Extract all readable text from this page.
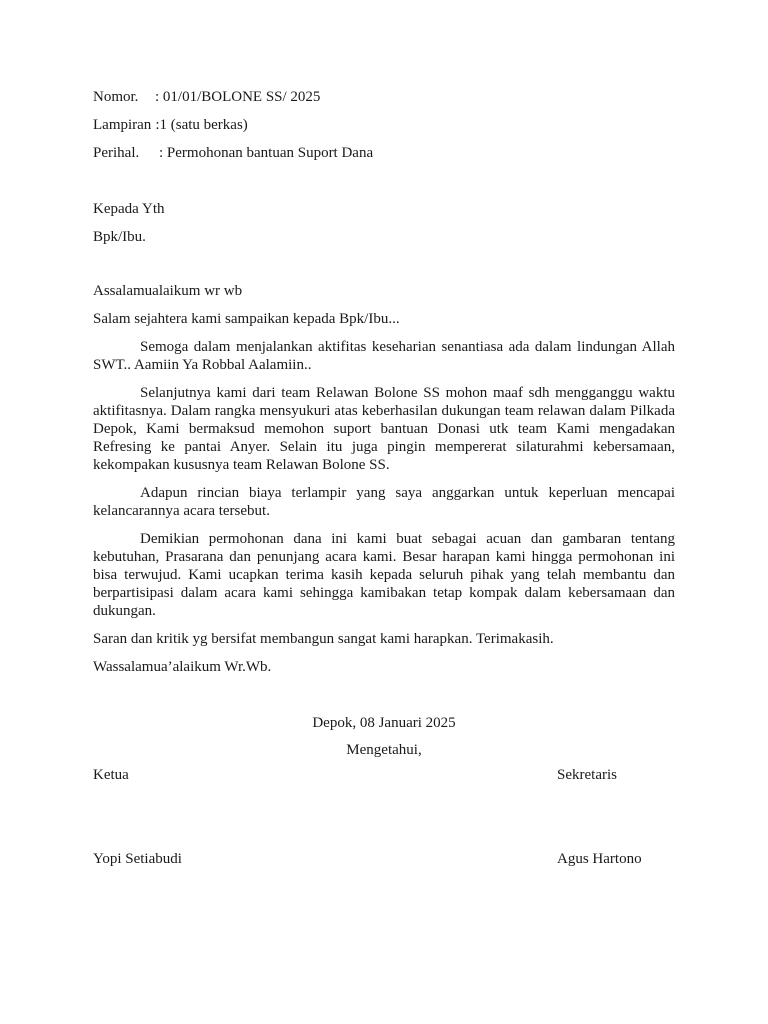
Nomor. : 01/01/BOLONE SS/ 2025
Lampiran :1 (satu berkas)
Perihal. : Permohonan bantuan Suport Dana
Kepada Yth
Bpk/Ibu.

Assalamualaikum wr wb

Salam sejahtera kami sampaikan kepada Bpk/Ibu...

Semoga dalam menjalankan aktifitas keseharian senantiasa ada dalam lindungan Allah SWT.. Aamiin Ya Robbal Aalamiin..

Selanjutnya kami dari team Relawan Bolone SS mohon maaf sdh mengganggu waktu aktifitasnya. Dalam rangka mensyukuri atas keberhasilan dukungan team relawan dalam Pilkada Depok, Kami bermaksud memohon suport bantuan Donasi utk team Kami mengadakan Refresing ke pantai Anyer. Selain itu juga pingin mempererat silaturahmi kebersamaan, kekompakan kususnya team Relawan Bolone SS.

Adapun rincian biaya terlampir yang saya anggarkan untuk keperluan mencapai kelancarannya acara tersebut.

Demikian permohonan dana ini kami buat sebagai acuan dan gambaran tentang kebutuhan, Prasarana dan penunjang acara kami. Besar harapan kami hingga permohonan ini bisa terwujud. Kami ucapkan terima kasih kepada seluruh pihak yang telah membantu dan berpartisipasi dalam acara kami sehingga kamibakan tetap kompak dalam kebersamaan dan dukungan.

Saran dan kritik yg bersifat membangun sangat kami harapkan. Terimakasih.

Wassalamua’alaikum Wr.Wb.

Depok, 08 Januari 2025
Mengetahui,
Ketua	Sekretaris
Yopi Setiabudi	Agus Hartono
